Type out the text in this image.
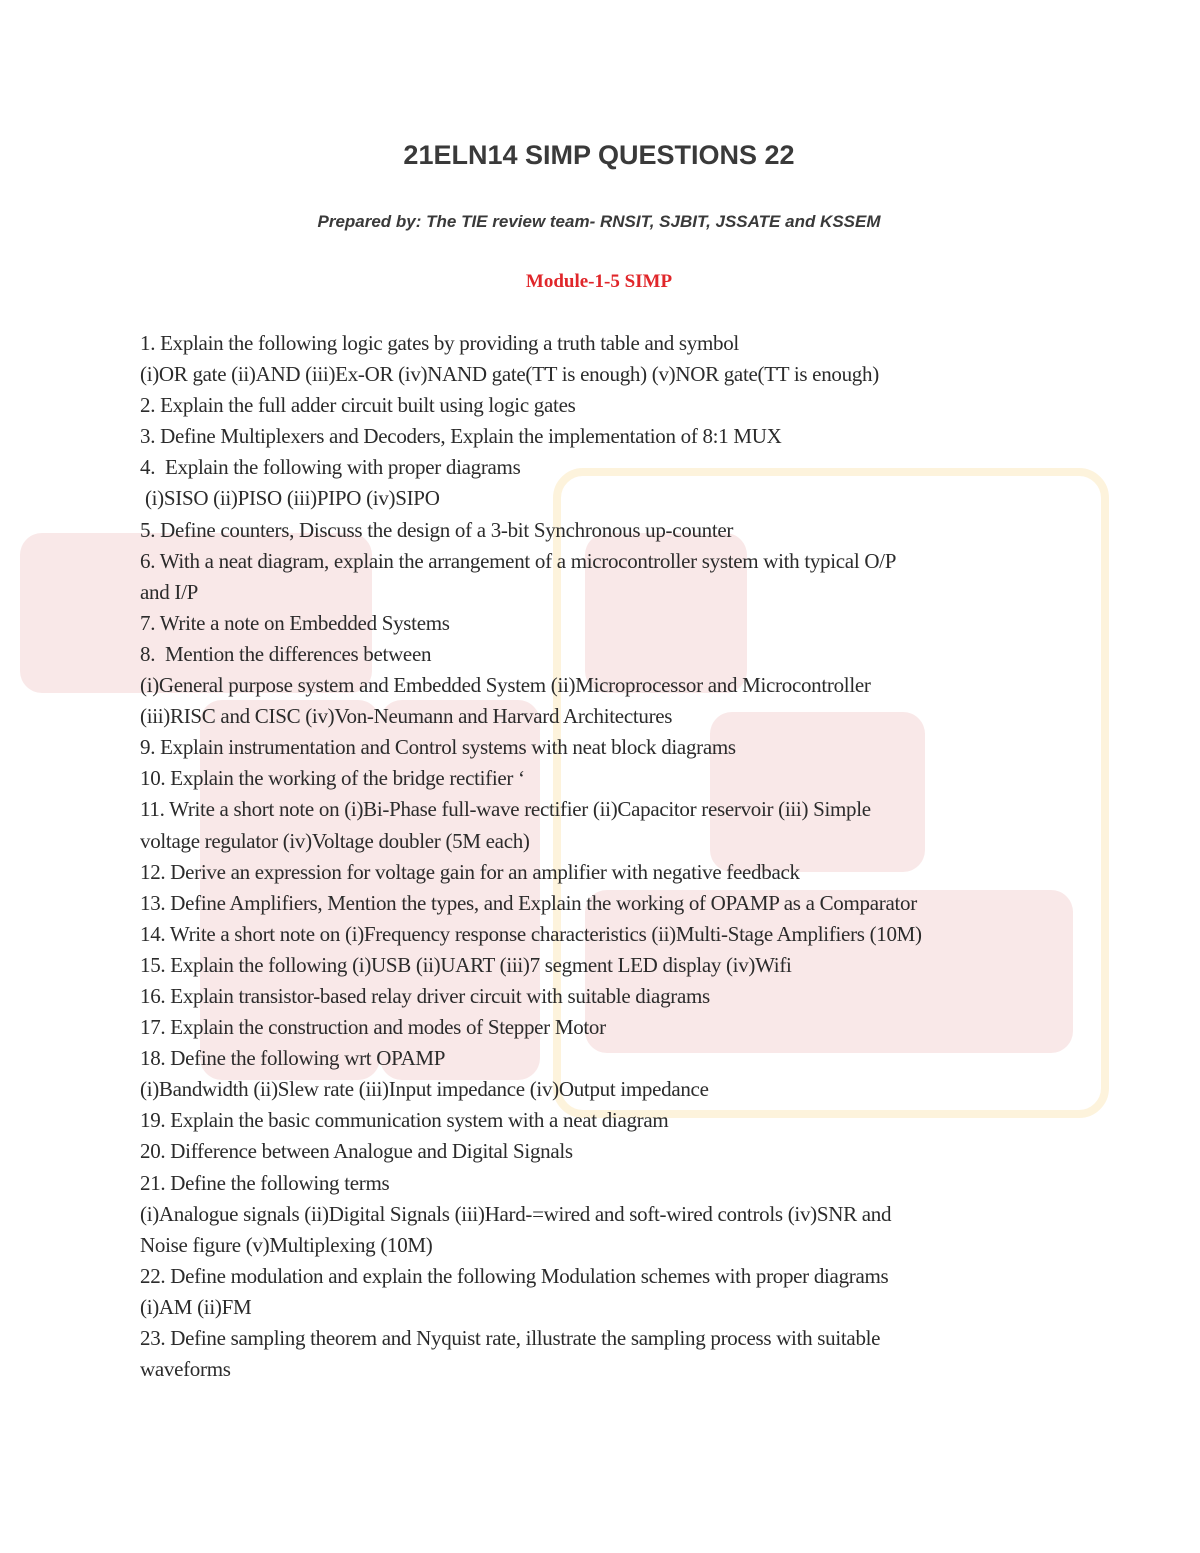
21ELN14 SIMP QUESTIONS 22

Prepared by: The TIE review team- RNSIT, SJBIT, JSSATE and KSSEM

Module-1-5 SIMP

1. Explain the following logic gates by providing a truth table and symbol
(i)OR gate (ii)AND (iii)Ex-OR (iv)NAND gate(TT is enough) (v)NOR gate(TT is enough)
2. Explain the full adder circuit built using logic gates
3. Define Multiplexers and Decoders, Explain the implementation of 8:1 MUX
4.  Explain the following with proper diagrams
(i)SISO (ii)PISO (iii)PIPO (iv)SIPO
5. Define counters, Discuss the design of a 3-bit Synchronous up-counter
6. With a neat diagram, explain the arrangement of a microcontroller system with typical O/P
and I/P
7. Write a note on Embedded Systems
8.  Mention the differences between
(i)General purpose system and Embedded System (ii)Microprocessor and Microcontroller
(iii)RISC and CISC (iv)Von-Neumann and Harvard Architectures
9. Explain instrumentation and Control systems with neat block diagrams
10. Explain the working of the bridge rectifier ‘
11. Write a short note on (i)Bi-Phase full-wave rectifier (ii)Capacitor reservoir (iii) Simple
voltage regulator (iv)Voltage doubler (5M each)
12. Derive an expression for voltage gain for an amplifier with negative feedback
13. Define Amplifiers, Mention the types, and Explain the working of OPAMP as a Comparator
14. Write a short note on (i)Frequency response characteristics (ii)Multi-Stage Amplifiers (10M)
15. Explain the following (i)USB (ii)UART (iii)7 segment LED display (iv)Wifi
16. Explain transistor-based relay driver circuit with suitable diagrams
17. Explain the construction and modes of Stepper Motor
18. Define the following wrt OPAMP
(i)Bandwidth (ii)Slew rate (iii)Input impedance (iv)Output impedance
19. Explain the basic communication system with a neat diagram
20. Difference between Analogue and Digital Signals
21. Define the following terms
(i)Analogue signals (ii)Digital Signals (iii)Hard-=wired and soft-wired controls (iv)SNR and
Noise figure (v)Multiplexing (10M)
22. Define modulation and explain the following Modulation schemes with proper diagrams
(i)AM (ii)FM
23. Define sampling theorem and Nyquist rate, illustrate the sampling process with suitable
waveforms
